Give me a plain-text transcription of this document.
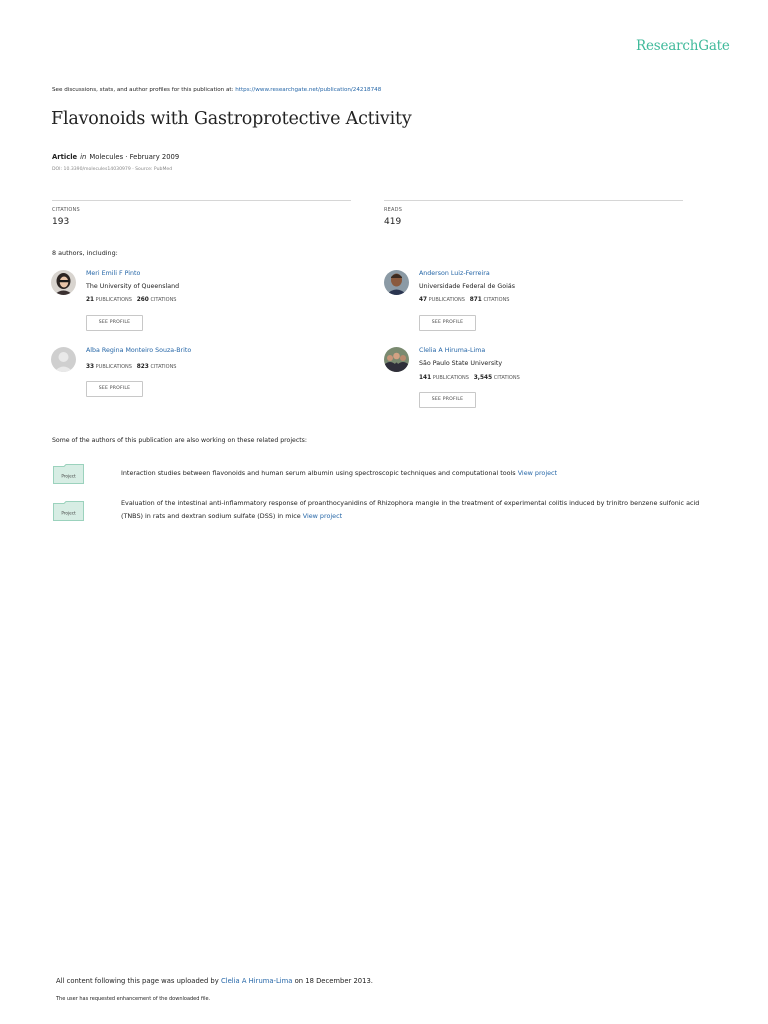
ResearchGate
See discussions, stats, and author profiles for this publication at: https://www.researchgate.net/publication/24218748
Flavonoids with Gastroprotective Activity
Article in Molecules · February 2009
DOI: 10.3390/molecules14030979 · Source: PubMed
CITATIONS
193
READS
419
8 authors, including:
Meri Emili F Pinto
The University of Queensland
21 PUBLICATIONS 260 CITATIONS
SEE PROFILE
Anderson Luiz-Ferreira
Universidade Federal de Goiás
47 PUBLICATIONS 871 CITATIONS
SEE PROFILE
Alba Regina Monteiro Souza-Brito
33 PUBLICATIONS 823 CITATIONS
SEE PROFILE
Clelia A Hiruma-Lima
São Paulo State University
141 PUBLICATIONS 3,545 CITATIONS
SEE PROFILE
Some of the authors of this publication are also working on these related projects:
Project	Interaction studies between flavonoids and human serum albumin using spectroscopic techniques and computational tools View project
Project
Evaluation of the intestinal anti-inflammatory response of proanthocyanidins of Rhizophora mangle in the treatment of experimental colitis induced by trinitro benzene sulfonic acid (TNBS) in rats and dextran sodium sulfate (DSS) in mice View project
All content following this page was uploaded by Clelia A Hiruma-Lima on 18 December 2013.
The user has requested enhancement of the downloaded file.
